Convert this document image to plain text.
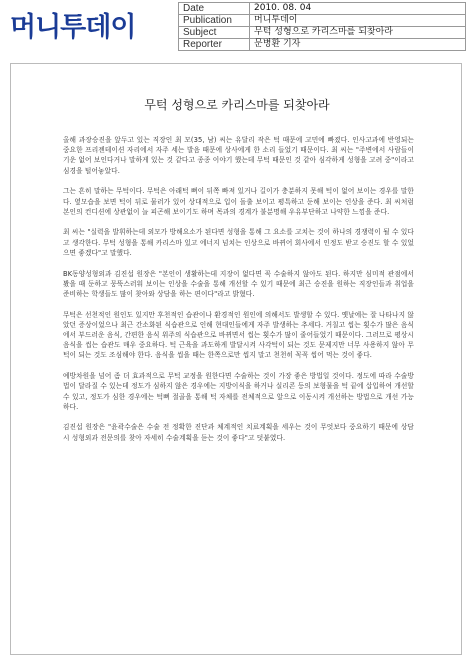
머니투데이
Date	2010. 08. 04
Publication	머니투데이
Subject	무턱 성형으로 카리스마를 되찾아라
Reporter	문병환 기자
무턱 성형으로 카리스마를 되찾아라

올해 과장승진을 앞두고 있는 직장인 최 모(35, 남) 씨는 유달리 작은 턱 때문에 고민에 빠졌다. 인사고과에 반영되는 중요한 프리젠테이션 자리에서 자주 세는 발음 때문에 상사에게 한 소리 들었기 때문이다. 최 씨는 "주변에서 사람들이 기운 없어 보인다거나 말하게 있는 것 같다고 종종 이야기 했는데 무턱 때문인 것 같아 심각하게 성형을 고려 중"이라고 심경을 털어놓았다.

그는 흔히 말하는 무턱이다. 무턱은 아래턱 뼈이 뒤쪽 빠져 있거나 길이가 충분하지 못해 턱이 없어 보이는 경우를 말한다. 옆모습을 보면 턱이 뒤로 물러가 있어 상대적으로 입이 돌출 보이고 평특하고 둔해 보이는 인상을 준다. 최 씨처럼 본인의 컨디션에 상관없이 늘 피곤해 보이기도 하며 목과의 경계가 불분명해 우유부단하고 나약한 느낌을 준다.

최 씨는 "실력을 발휘하는데 외모가 방해요소가 된다면 성형을 통해 그 요소를 고치는 것이 하나의 경쟁력이 될 수 있다고 생각한다. 무턱 성형을 통해 카리스마 있고 에너지 넘치는 인상으로 바뀌어 회사에서 인정도 받고 승진도 할 수 있었으면 좋겠다"고 말했다.

BK동양성형외과 김진섭 원장은 "본인이 생활하는데 지장이 없다면 꼭 수술하지 않아도 된다. 하지만 심미적 관점에서 봤을 때 둔하고 뭉뚝스러워 보이는 인상을 수술을 통해 개선할 수 있기 때문에 최근 승진을 원하는 직장인들과 취업을 준비하는 학생들도 많이 찾아와 상담을 하는 편이다"라고 밝혔다.

무턱은 선천적인 원인도 있지만 후천적인 습관이나 환경적인 원인에 의해서도 발생할 수 있다. 옛날에는 잘 나타나지 않았던 증상이었으나 최근 간소화된 식습관으로 인해 현대인들에게 자주 발생하는 추세다. 거칠고 씹는 횟수가 많은 음식에서 부드러운 음식, 간편한 음식 위주의 식습관으로 바뀌면서 씹는 횟수가 많이 줄어들었기 때문이다. 그러므로 평상시 음식을 씹는 습관도 매우 중요하다. 턱 근육을 과도하게 발달시켜 사각턱이 되는 것도 문제지만 너무 사용하지 않아 무턱이 되는 것도 조심해야 한다. 음식을 씹을 때는 한쪽으로만 씹지 말고 천천히 꼭꼭 씹어 먹는 것이 좋다.

예방차원을 넘어 좀 더 효과적으로 무턱 교정을 원한다면 수술하는 것이 가장 좋은 방법일 것이다. 정도에 따라 수술방법이 달라질 수 있는데 정도가 심하지 않은 경우에는 지방이식을 하거나 실리콘 등의 보형물을 턱 끝에 삽입하여 개선할 수 있고, 정도가 심한 경우에는 턱뼈 절골을 통해 턱 자체를 전체적으로 앞으로 이동시켜 개선하는 방법으로 개선 가능하다.

김진섭 원장은 "윤곽수술은 수술 전 정확한 진단과 체계적인 치료계획을 세우는 것이 무엇보다 중요하기 때문에 상담 시 성형외과 전문의를 찾아 자세히 수술계획을 듣는 것이 좋다"고 덧붙였다.
